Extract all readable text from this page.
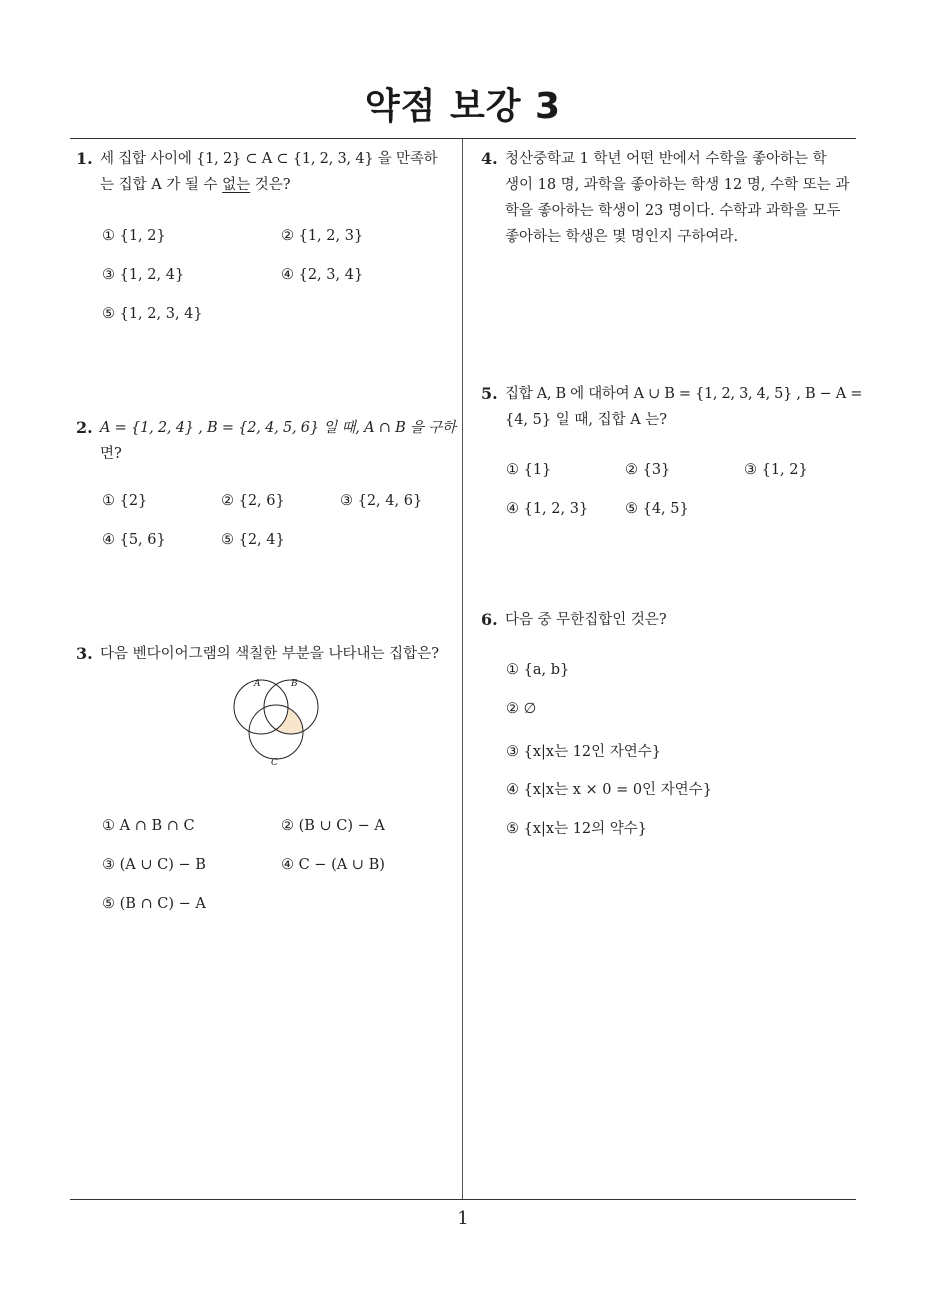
약점 보강 3
1. 세 집합 사이에 {1, 2} ⊂ A ⊂ {1, 2, 3, 4} 을 만족하
는 집합 A 가 될 수 없는 것은?
① {1, 2}	② {1, 2, 3}
③ {1, 2, 4}	④ {2, 3, 4}
⑤ {1, 2, 3, 4}
2. A = {1, 2, 4} , B = {2, 4, 5, 6} 일 때, A ∩ B 을 구하
면?
① {2}	② {2, 6}	③ {2, 4, 6}
④ {5, 6}	⑤ {2, 4}
3. 다음 벤다이어그램의 색칠한 부분을 나타내는 집합은?
A	B
C
① A ∩ B ∩ C	② (B ∪ C) − A
③ (A ∪ C) − B	④ C − (A ∪ B)
⑤ (B ∩ C) − A
4. 청산중학교 1 학년 어떤 반에서 수학을 좋아하는 학
생이 18 명, 과학을 좋아하는 학생 12 명, 수학 또는 과
학을 좋아하는 학생이 23 명이다. 수학과 과학을 모두
좋아하는 학생은 몇 명인지 구하여라.
5. 집합 A, B 에 대하여 A ∪ B = {1, 2, 3, 4, 5} , B − A =
{4, 5} 일 때, 집합 A 는?
① {1}	② {3}	③ {1, 2}
④ {1, 2, 3}	⑤ {4, 5}
6. 다음 중 무한집합인 것은?
① {a, b}
② ∅
③ {x|x는 12인 자연수}
④ {x|x는 x × 0 = 0인 자연수}
⑤ {x|x는 12의 약수}
1
